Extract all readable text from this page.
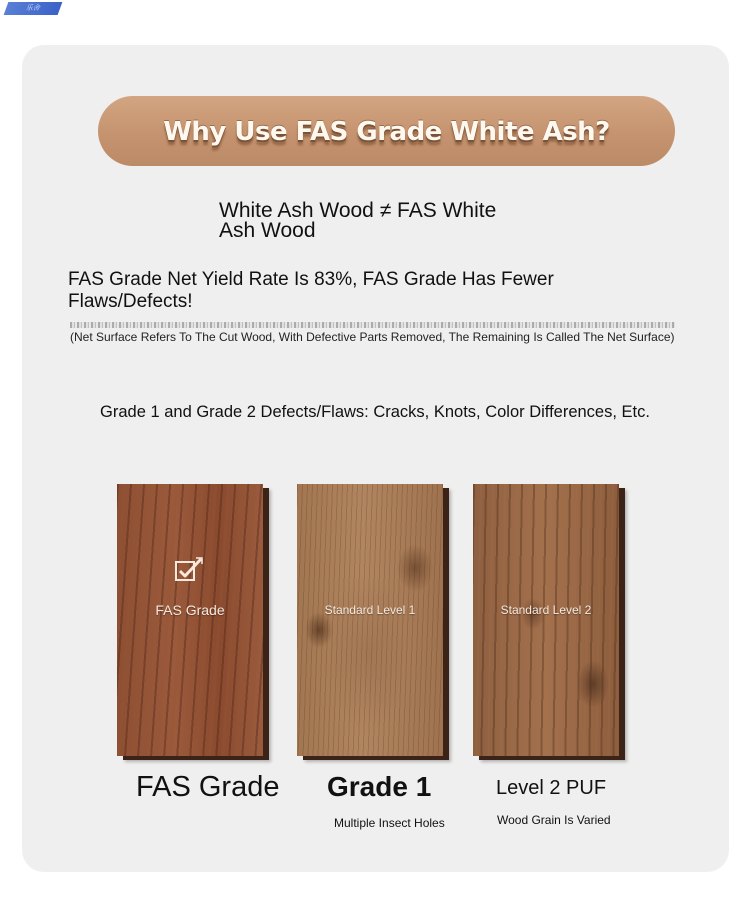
乐舍
Why Use FAS Grade White Ash?
White Ash Wood ≠ FAS White Ash Wood
FAS Grade Net Yield Rate Is 83%, FAS Grade Has Fewer Flaws/Defects!
(Net Surface Refers To The Cut Wood, With Defective Parts Removed, The Remaining Is Called The Net Surface)
Grade 1 and Grade 2 Defects/Flaws: Cracks, Knots, Color Differences, Etc.
FAS Grade	Standard Level 1	Standard Level 2
FAS Grade Grade 1	Level 2 PUF
Multiple Insect Holes	Wood Grain Is Varied
